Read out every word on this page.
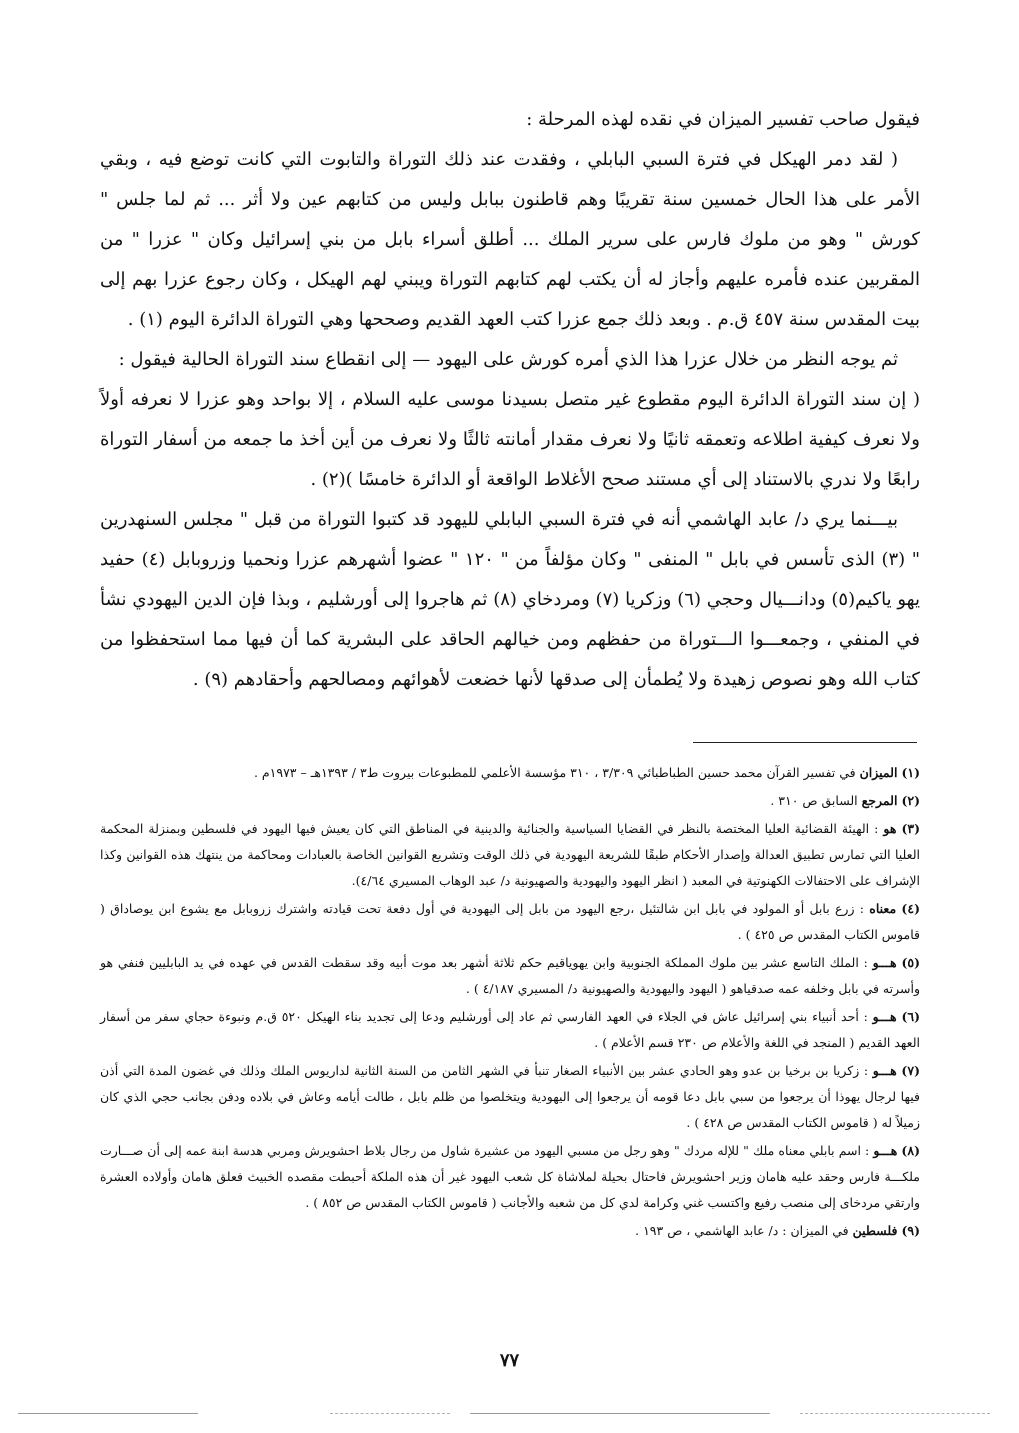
فيقول صاحب تفسير الميزان في نقده لهذه المرحلة :

( لقد دمر الهيكل في فترة السبي البابلي ، وفقدت عند ذلك التوراة والتابوت التي كانت توضع فيه ، وبقي الأمر على هذا الحال خمسين سنة تقريبًا وهم قاطنون ببابل وليس من كتابهم عين ولا أثر ... ثم لما جلس " كورش " وهو من ملوك فارس على سرير الملك ... أطلق أسراء بابل من بني إسرائيل وكان " عزرا " من المقربين عنده فأمره عليهم وأجاز له أن يكتب لهم كتابهم التوراة ويبني لهم الهيكل ، وكان رجوع عزرا بهم إلى بيت المقدس سنة ٤٥٧ ق.م . وبعد ذلك جمع عزرا كتب العهد القديم وصححها وهي التوراة الدائرة اليوم (١) .

ثم يوجه النظر من خلال عزرا هذا الذي أمره كورش على اليهود — إلى انقطاع سند التوراة الحالية فيقول :

( إن سند التوراة الدائرة اليوم مقطوع غير متصل بسيدنا موسى عليه السلام ، إلا بواحد وهو عزرا لا نعرفه أولاً ولا نعرف كيفية اطلاعه وتعمقه ثانيًا ولا نعرف مقدار أمانته ثالثًا ولا نعرف من أين أخذ ما جمعه من أسفار التوراة رابعًا ولا ندري بالاستناد إلى أي مستند صحح الأغلاط الواقعة أو الدائرة خامسًا )(٢) .

بيـــنما يري د/ عابد الهاشمي أنه في فترة السبي البابلي لليهود قد كتبوا التوراة من قبل " مجلس السنهدرين " (٣) الذى تأسس في بابل " المنفى " وكان مؤلفاً من " ١٢٠ " عضوا أشهرهم عزرا ونحميا وزروبابل (٤) حفيد يهو ياكيم(٥) ودانـــيال وحجي (٦) وزكريا (٧) ومردخاي (٨) ثم هاجروا إلى أورشليم ، وبذا فإن الدين اليهودي نشأ في المنفي ، وجمعـــوا الـــتوراة من حفظهم ومن خيالهم الحاقد على البشرية كما أن فيها مما استحفظوا من كتاب الله وهو نصوص زهيدة ولا يُطمأن إلى صدقها لأنها خضعت لأهوائهم ومصالحهم وأحقادهم (٩) .

(١) الميزان في تفسير القرآن محمد حسين الطباطبائي ٣/٣٠٩ ، ٣١٠ مؤسسة الأعلمي للمطبوعات بيروت ط٣ / ١٣٩٣هـ – ١٩٧٣م .

(٢) المرجع السابق ص ٣١٠ .

(٣) هو : الهيئة القضائية العليا المختصة بالنظر في القضايا السياسية والجنائية والدينية في المناطق التي كان يعيش فيها اليهود في فلسطين وبمنزلة المحكمة العليا التي تمارس تطبيق العدالة وإصدار الأحكام طبقًا للشريعة اليهودية في ذلك الوقت وتشريع القوانين الخاصة بالعبادات ومحاكمة من ينتهك هذه القوانين وكذا الإشراف على الاحتفالات الكهنوتية في المعبد ( انظر اليهود واليهودية والصهيونية د/ عبد الوهاب المسيري ٤/٦٤).

(٤) معناه : زرع بابل أو المولود في بابل ابن شالتئيل ،رجع اليهود من بابل إلى اليهودية في أول دفعة تحت قيادته واشترك زروبابل مع يشوع ابن يوصاداق ( قاموس الكتاب المقدس ص ٤٢٥ ) .

(٥) هـــو : الملك التاسع عشر بين ملوك المملكة الجنوبية وابن يهوياقيم حكم ثلاثة أشهر بعد موت أبيه وقد سقطت القدس في عهده في يد البابليين فنفي هو وأسرته في بابل وخلفه عمه صدقياهو ( اليهود واليهودية والصهيونية د/ المسيري ٤/١٨٧ ) .

(٦) هـــو : أحد أنبياء بني إسرائيل عاش في الجلاء في العهد الفارسي ثم عاد إلى أورشليم ودعا إلى تجديد بناء الهيكل ٥٢٠ ق.م ونبوءة حجاي سفر من أسفار العهد القديم ( المنجد في اللغة والأعلام ص ٢٣٠ قسم الأعلام ) .

(٧) هـــو : زكريا بن برخيا بن عدو وهو الحادي عشر بين الأنبياء الصغار تنبأ في الشهر الثامن من السنة الثانية لداريوس الملك وذلك في غضون المدة التي أذن فيها لرجال يهوذا أن يرجعوا من سبي بابل دعا قومه أن يرجعوا إلى اليهودية ويتخلصوا من ظلم بابل ، طالت أيامه وعاش في بلاده ودفن بجانب حجي الذي كان زميلاً له ( قاموس الكتاب المقدس ص ٤٢٨ ) .

(٨) هـــو : اسم بابلي معناه ملك " للإله مردك " وهو رجل من مسبي اليهود من عشيرة شاول من رجال بلاط احشويرش ومربي هدسة ابنة عمه إلى أن صـــارت ملكـــة فارس وحقد عليه هامان وزير احشويرش فاحتال بحيلة لملاشاة كل شعب اليهود غير أن هذه الملكة أحبطت مقصده الخبيث فعلق هامان وأولاده العشرة وارتقي مردخاى إلى منصب رفيع واكتسب غني وكرامة لدي كل من شعبه والأجانب ( قاموس الكتاب المقدس ص ٨٥٢ ) .

(٩) فلسطين في الميزان : د/ عابد الهاشمي ، ص ١٩٣ .

٧٧
